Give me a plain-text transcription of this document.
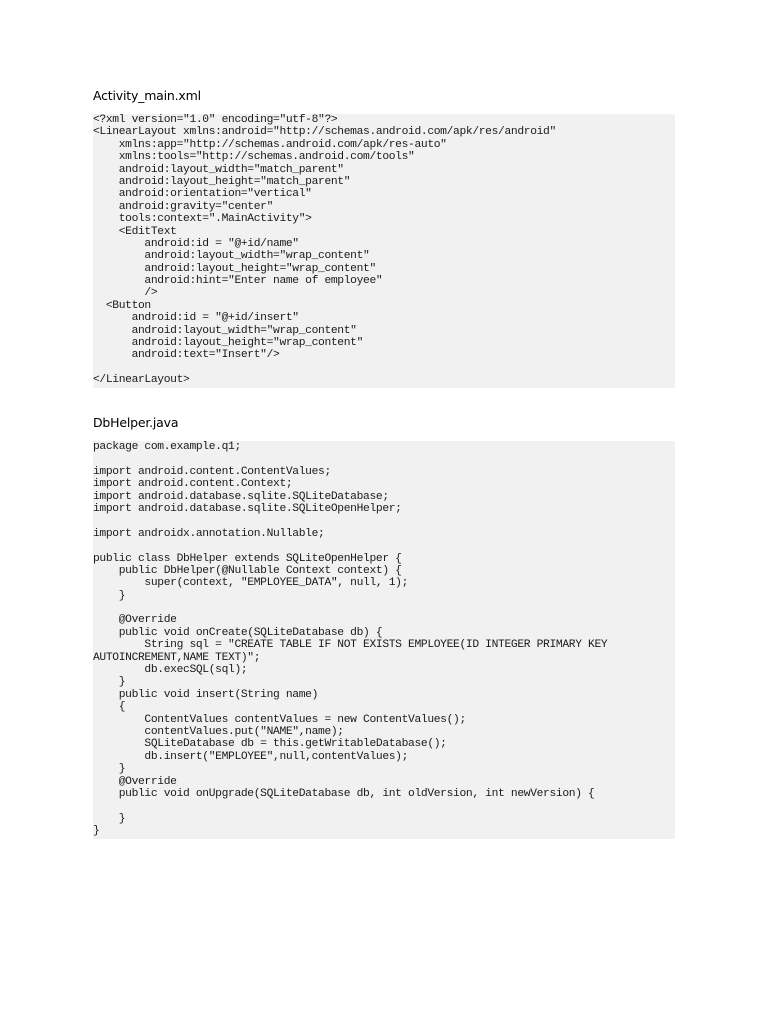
Activity_main.xml
<?xml version="1.0" encoding="utf-8"?>
<LinearLayout xmlns:android="http://schemas.android.com/apk/res/android"
xmlns:app="http://schemas.android.com/apk/res-auto"
xmlns:tools="http://schemas.android.com/tools"
android:layout_width="match_parent"
android:layout_height="match_parent"
android:orientation="vertical"
android:gravity="center"
tools:context=".MainActivity">
<EditText
android:id = "@+id/name"
android:layout_width="wrap_content"
android:layout_height="wrap_content"
android:hint="Enter name of employee"
/>
<Button
android:id = "@+id/insert"
android:layout_width="wrap_content"
android:layout_height="wrap_content"
android:text="Insert"/>
</LinearLayout>
DbHelper.java
package com.example.q1;
import android.content.ContentValues;
import android.content.Context;
import android.database.sqlite.SQLiteDatabase;
import android.database.sqlite.SQLiteOpenHelper;
import androidx.annotation.Nullable;
public class DbHelper extends SQLiteOpenHelper {
public DbHelper(@Nullable Context context) {
super(context, "EMPLOYEE_DATA", null, 1);
}
@Override
public void onCreate(SQLiteDatabase db) {
String sql = "CREATE TABLE IF NOT EXISTS EMPLOYEE(ID INTEGER PRIMARY KEY
AUTOINCREMENT,NAME TEXT)";
db.execSQL(sql);
}
public void insert(String name)
{
ContentValues contentValues = new ContentValues();
contentValues.put("NAME",name);
SQLiteDatabase db = this.getWritableDatabase();
db.insert("EMPLOYEE",null,contentValues);
}
@Override
public void onUpgrade(SQLiteDatabase db, int oldVersion, int newVersion) {
}
}
